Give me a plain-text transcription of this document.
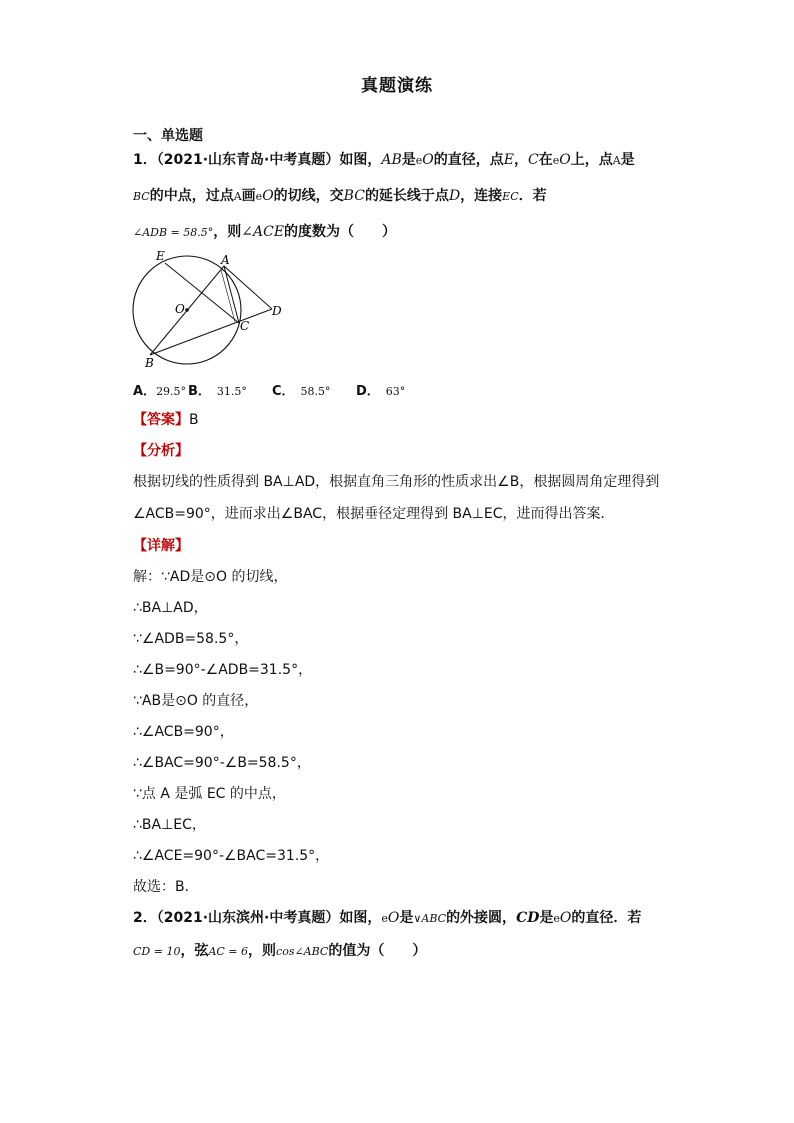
真题演练
一、单选题
1．（2021·山东青岛·中考真题）如图，AB是eO的直径，点E，C在eO上，点A是
BC的中点，过点A画eO的切线，交BC的延长线于点D，连接EC．若
∠ADB = 58.5°，则∠ACE的度数为（　　）
E	A
O	D
C
B
A．29.5° B． 31.5° C． 58.5° D． 63°
【答案】B
【分析】
根据切线的性质得到 BA⊥AD，根据直角三角形的性质求出∠B，根据圆周角定理得到
∠ACB=90°，进而求出∠BAC，根据垂径定理得到 BA⊥EC，进而得出答案．
【详解】
解：∵AD是⊙O 的切线，
∴BA⊥AD，
∵∠ADB=58.5°，
∴∠B=90°-∠ADB=31.5°，
∵AB是⊙O 的直径，
∴∠ACB=90°，
∴∠BAC=90°-∠B=58.5°，
∵点 A 是弧 EC 的中点，
∴BA⊥EC，
∴∠ACE=90°-∠BAC=31.5°，
故选：B．
2．（2021·山东滨州·中考真题）如图，eO是∨ABC的外接圆，CD是eO的直径．若
CD = 10，弦AC = 6，则cos∠ABC的值为（　　）
